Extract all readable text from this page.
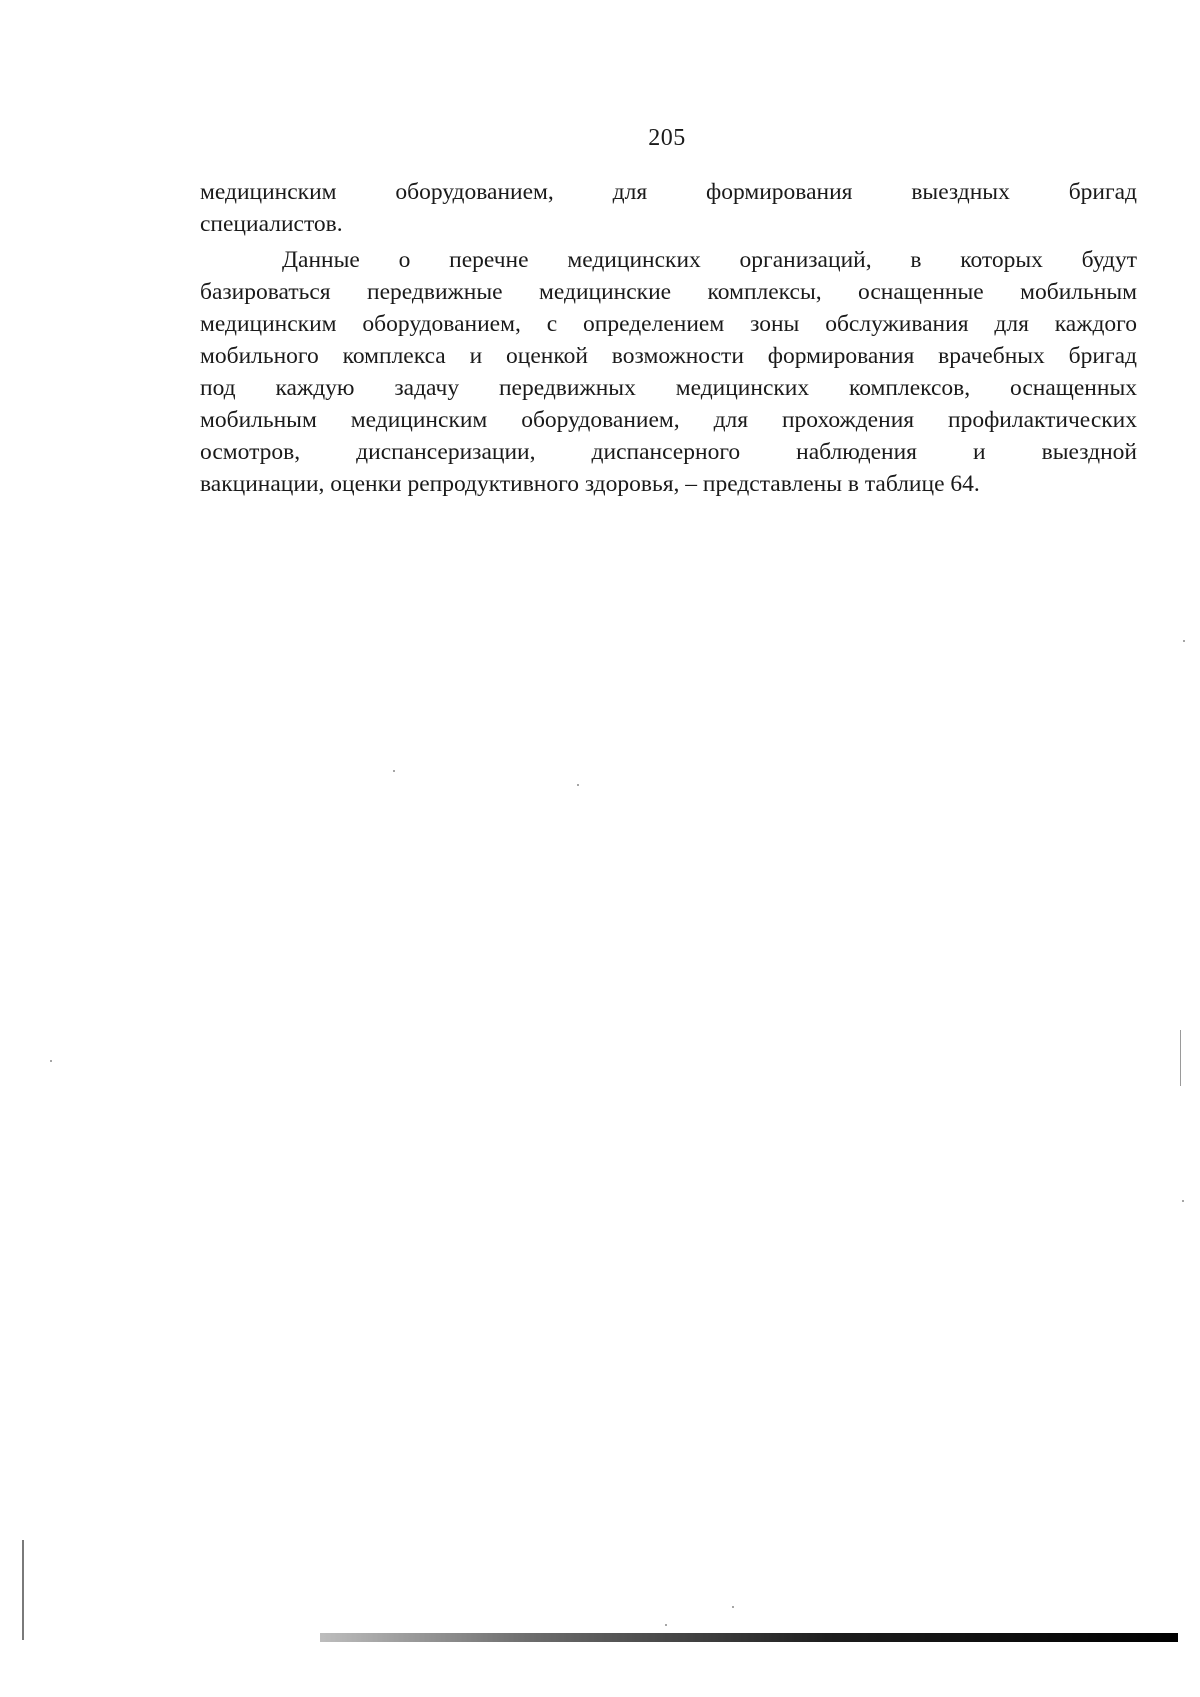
205

медицинским оборудованием, для формирования выездных бригад
специалистов.

Данные о перечне медицинских организаций, в которых будут
базироваться передвижные медицинские комплексы, оснащенные мобильным
медицинским оборудованием, с определением зоны обслуживания для каждого
мобильного комплекса и оценкой возможности формирования врачебных бригад
под каждую задачу передвижных медицинских комплексов, оснащенных
мобильным медицинским оборудованием, для прохождения профилактических
осмотров, диспансеризации, диспансерного наблюдения и выездной
вакцинации, оценки репродуктивного здоровья, – представлены в таблице 64.
